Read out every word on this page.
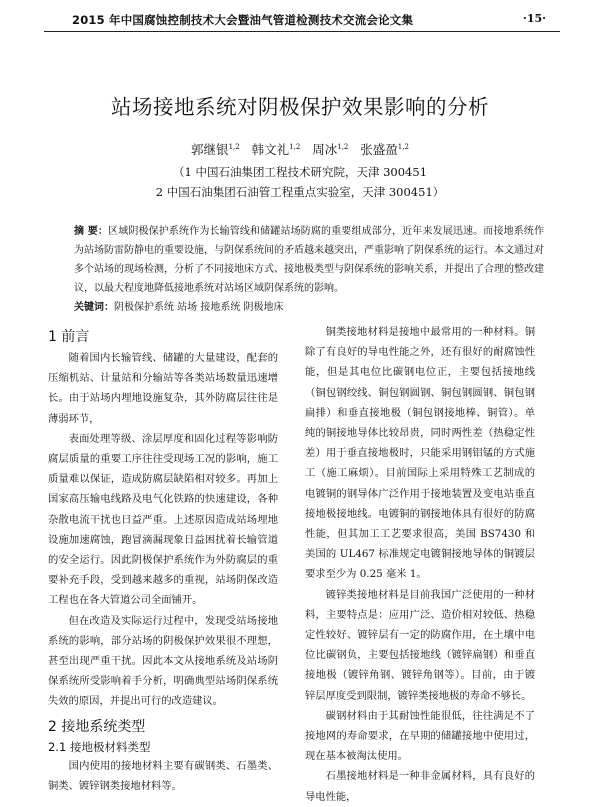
2015 年中国腐蚀控制技术大会暨油气管道检测技术交流会论文集	·15·
站场接地系统对阴极保护效果影响的分析
郭继银$^{1,2}$ 韩文礼$^{1,2}$ 周冰$^{1,2}$ 张盛盈$^{1,2}$
（1 中国石油集团工程技术研究院，天津 300451
2 中国石油集团石油管工程重点实验室，天津 300451）
摘 要：区域阴极保护系统作为长输管线和储罐站场防腐的重要组成部分，近年来发展迅速。而接地系统作为站场防雷防静电的重要设施，与阴保系统间的矛盾越来越突出，严重影响了阴保系统的运行。本文通过对多个站场的现场检测，分析了不同接地床方式、接地极类型与阴保系统的影响关系，并提出了合理的整改建议，以最大程度地降低接地系统对站场区域阴保系统的影响。
关键词：阴极保护系统 站场 接地系统 阴极地床
1 前言

随着国内长输管线、储罐的大量建设，配套的压缩机站、计量站和分输站等各类站场数量迅速增长。由于站场内埋地设施复杂，其外防腐层往往是薄弱环节，

表面处理等级、涂层厚度和固化过程等影响防腐层质量的重要工序往往受现场工况的影响，施工质量难以保证，造成防腐层缺陷相对较多。再加上国家高压输电线路及电气化铁路的快速建设，各种杂散电流干扰也日益严重。上述原因造成站场埋地设施加速腐蚀，跑冒滴漏现象日益困扰着长输管道的安全运行。因此阴极保护系统作为外防腐层的重要补充手段，受到越来越多的重视，站场阴保改造工程也在各大管道公司全面铺开。

但在改造及实际运行过程中，发现受站场接地系统的影响，部分站场的阴极保护效果很不理想，甚至出现严重干扰。因此本文从接地系统及站场阴保系统所受影响着手分析，明确典型站场阴保系统失效的原因，并提出可行的改造建议。

2 接地系统类型
2.1 接地极材料类型

国内使用的接地材料主要有碳钢类、石墨类、铜类、镀锌钢类接地材料等。

铜类接地材料是接地中最常用的一种材料。铜除了有良好的导电性能之外，还有很好的耐腐蚀性能，但是其电位比碳钢电位正，主要包括接地线（铜包钢绞线、铜包钢圆钢、铜包钢圆钢、铜包钢扁排）和垂直接地极（铜包钢接地棒、铜管）。单纯的铜接地导体比较昂贵，同时两性差（热稳定性差）用于垂直接地极时，只能采用钢铝锰的方式施工（施工麻烦）。目前国际上采用特殊工艺制成的电镀铜的钢导体广泛作用于接地装置及变电站垂直接地极接地线。电镀铜的钢接地体具有很好的防腐性能，但其加工工艺要求很高，美国 BS7430 和美国的 UL467 标准规定电镀铜接地导体的铜镀层要求至少为 0.25 毫米 1。

镀锌类接地材料是目前我国广泛使用的一种材料，主要特点是：应用广泛、造价相对较低、热稳定性较好、镀锌层有一定的防腐作用，在土壤中电位比碳钢负，主要包括接地线（镀锌扁钢）和垂直接地极（镀锌角钢、镀锌角钢等）。目前，由于镀锌层厚度受到限制，镀锌类接地极的寿命不够长。

碳钢材料由于其耐蚀性能很低，往往满足不了接地网的寿命要求，在早期的储罐接地中使用过，现在基本被淘汰使用。

石墨接地材料是一种非金属材料，具有良好的导电性能，
